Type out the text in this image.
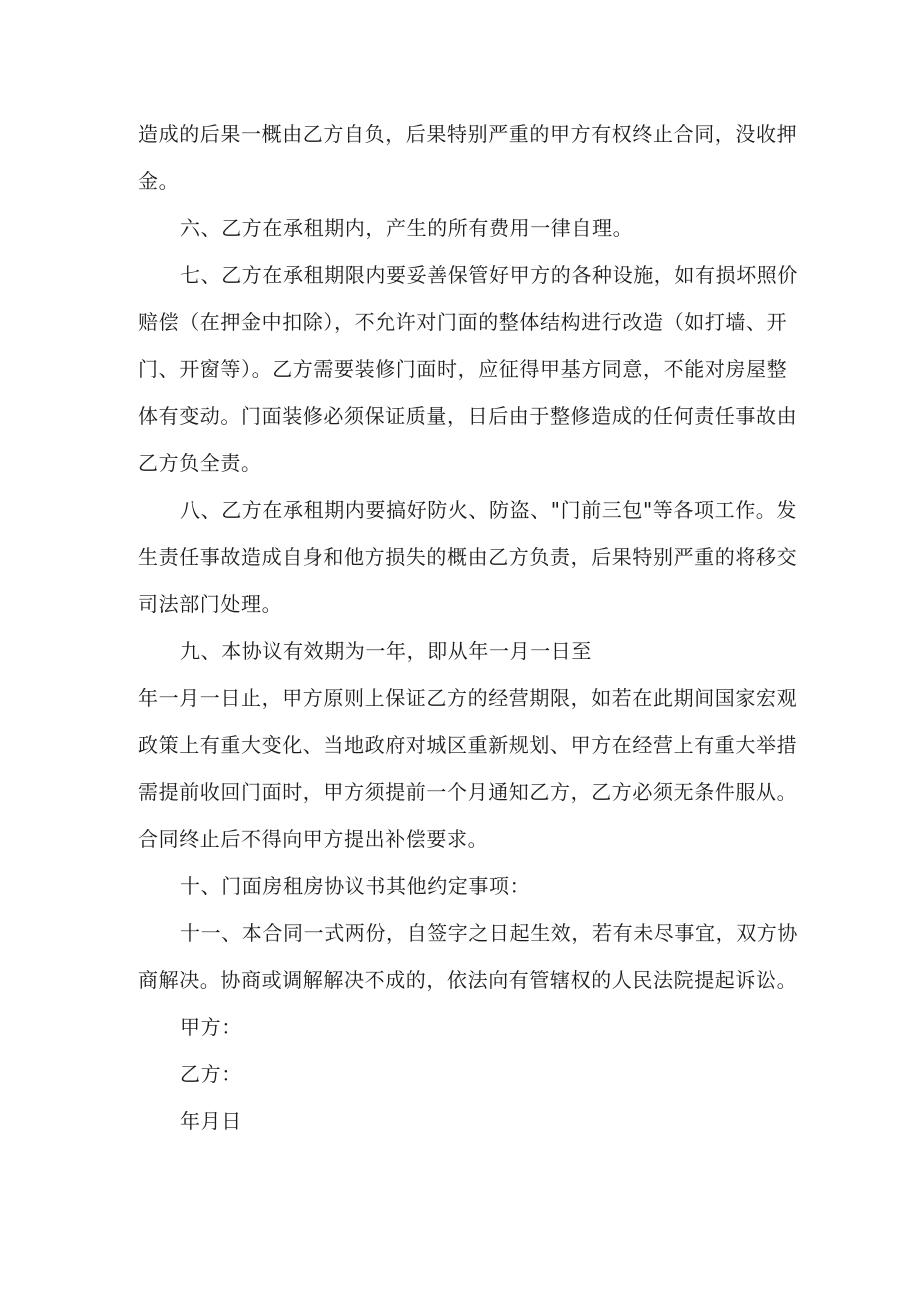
造成的后果一概由乙方自负，后果特别严重的甲方有权终止合同，没收押
金。
六、乙方在承租期内，产生的所有费用一律自理。
七、乙方在承租期限内要妥善保管好甲方的各种设施，如有损坏照价
赔偿（在押金中扣除），不允许对门面的整体结构进行改造（如打墙、开
门、开窗等）。乙方需要装修门面时，应征得甲基方同意，不能对房屋整
体有变动。门面装修必须保证质量，日后由于整修造成的任何责任事故由
乙方负全责。
八、乙方在承租期内要搞好防火、防盗、"门前三包"等各项工作。发
生责任事故造成自身和他方损失的概由乙方负责，后果特别严重的将移交
司法部门处理。
九、本协议有效期为一年，即从年一月一日至
年一月一日止，甲方原则上保证乙方的经营期限，如若在此期间国家宏观
政策上有重大变化、当地政府对城区重新规划、甲方在经营上有重大举措
需提前收回门面时，甲方须提前一个月通知乙方，乙方必须无条件服从。
合同终止后不得向甲方提出补偿要求。
十、门面房租房协议书其他约定事项：
十一、本合同一式两份，自签字之日起生效，若有未尽事宜，双方协
商解决。协商或调解解决不成的，依法向有管辖权的人民法院提起诉讼。
甲方：
乙方：
年月日
